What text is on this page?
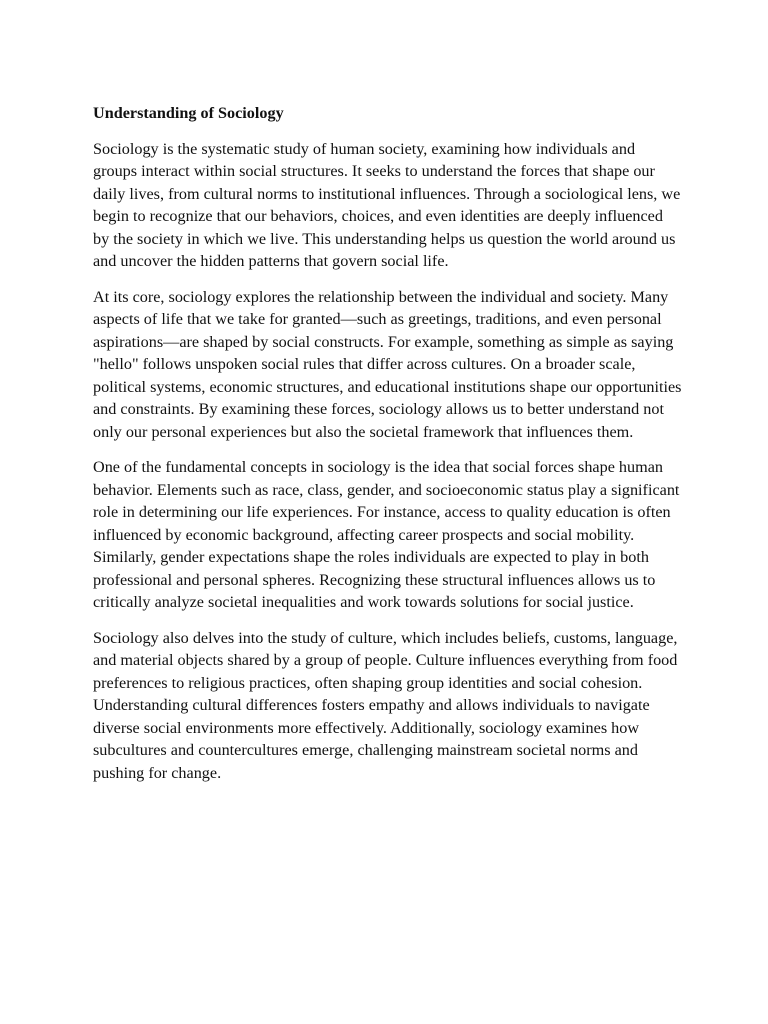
Understanding of Sociology

Sociology is the systematic study of human society, examining how individuals and groups interact within social structures. It seeks to understand the forces that shape our daily lives, from cultural norms to institutional influences. Through a sociological lens, we begin to recognize that our behaviors, choices, and even identities are deeply influenced by the society in which we live. This understanding helps us question the world around us and uncover the hidden patterns that govern social life.

At its core, sociology explores the relationship between the individual and society. Many aspects of life that we take for granted—such as greetings, traditions, and even personal aspirations—are shaped by social constructs. For example, something as simple as saying "hello" follows unspoken social rules that differ across cultures. On a broader scale, political systems, economic structures, and educational institutions shape our opportunities and constraints. By examining these forces, sociology allows us to better understand not only our personal experiences but also the societal framework that influences them.

One of the fundamental concepts in sociology is the idea that social forces shape human behavior. Elements such as race, class, gender, and socioeconomic status play a significant role in determining our life experiences. For instance, access to quality education is often influenced by economic background, affecting career prospects and social mobility. Similarly, gender expectations shape the roles individuals are expected to play in both professional and personal spheres. Recognizing these structural influences allows us to critically analyze societal inequalities and work towards solutions for social justice.

Sociology also delves into the study of culture, which includes beliefs, customs, language, and material objects shared by a group of people. Culture influences everything from food preferences to religious practices, often shaping group identities and social cohesion. Understanding cultural differences fosters empathy and allows individuals to navigate diverse social environments more effectively. Additionally, sociology examines how subcultures and countercultures emerge, challenging mainstream societal norms and pushing for change.
